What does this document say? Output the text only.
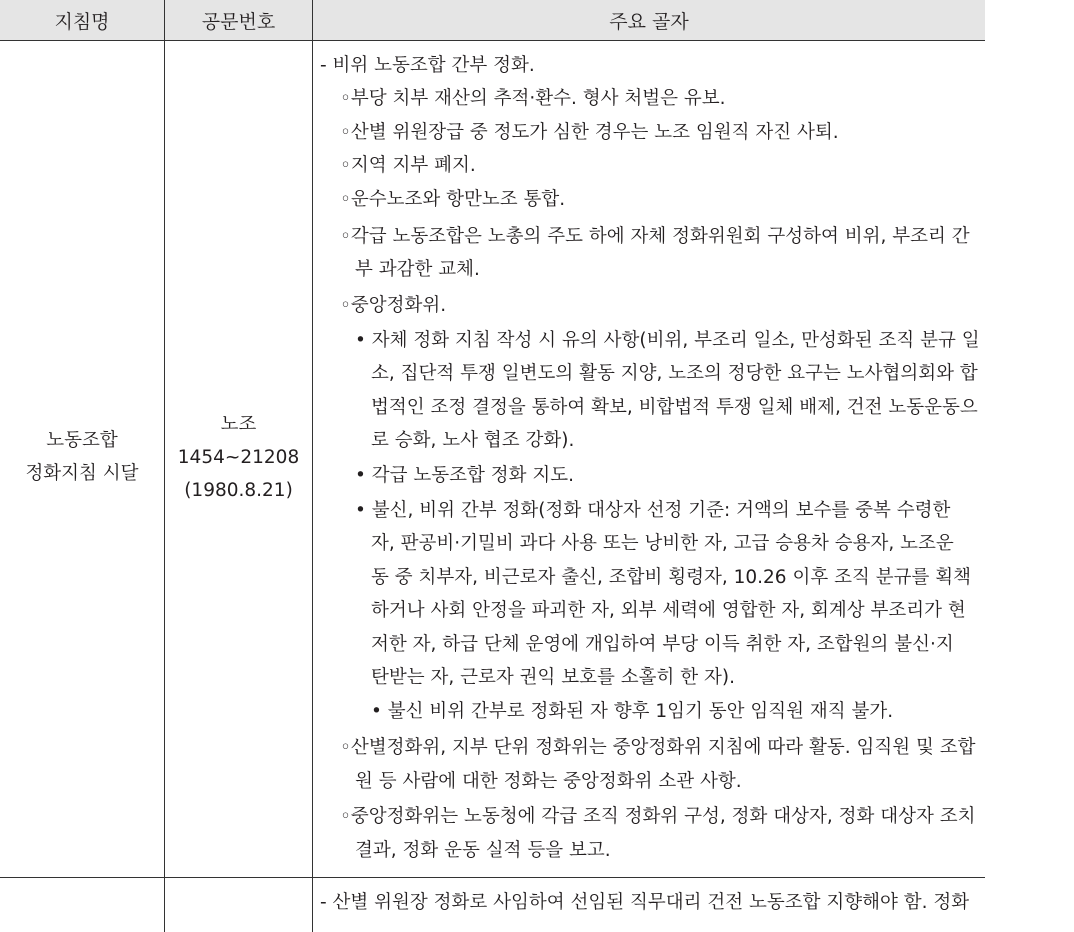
지침명	공문번호	주요 골자
노동조합
정화지침 시달
노조
1454~21208
(1980.8.21)
- 비위 노동조합 간부 정화.
◦부당 치부 재산의 추적·환수. 형사 처벌은 유보.
◦산별 위원장급 중 정도가 심한 경우는 노조 임원직 자진 사퇴.
◦지역 지부 폐지.
◦운수노조와 항만노조 통합.
◦각급 노동조합은 노총의 주도 하에 자체 정화위원회 구성하여 비위, 부조리 간
부 과감한 교체.
◦중앙정화위.
• 자체 정화 지침 작성 시 유의 사항(비위, 부조리 일소, 만성화된 조직 분규 일
소, 집단적 투쟁 일변도의 활동 지양, 노조의 정당한 요구는 노사협의회와 합
법적인 조정 결정을 통하여 확보, 비합법적 투쟁 일체 배제, 건전 노동운동으
로 승화, 노사 협조 강화).
• 각급 노동조합 정화 지도.
• 불신, 비위 간부 정화(정화 대상자 선정 기준: 거액의 보수를 중복 수령한
자, 판공비·기밀비 과다 사용 또는 낭비한 자, 고급 승용차 승용자, 노조운
동 중 치부자, 비근로자 출신, 조합비 횡령자, 10.26 이후 조직 분규를 획책
하거나 사회 안정을 파괴한 자, 외부 세력에 영합한 자, 회계상 부조리가 현
저한 자, 하급 단체 운영에 개입하여 부당 이득 취한 자, 조합원의 불신·지
탄받는 자, 근로자 권익 보호를 소홀히 한 자).
• 불신 비위 간부로 정화된 자 향후 1임기 동안 임직원 재직 불가.
◦산별정화위, 지부 단위 정화위는 중앙정화위 지침에 따라 활동. 임직원 및 조합
원 등 사람에 대한 정화는 중앙정화위 소관 사항.
◦중앙정화위는 노동청에 각급 조직 정화위 구성, 정화 대상자, 정화 대상자 조치
결과, 정화 운동 실적 등을 보고.
- 산별 위원장 정화로 사임하여 선임된 직무대리 건전 노동조합 지향해야 함. 정화
